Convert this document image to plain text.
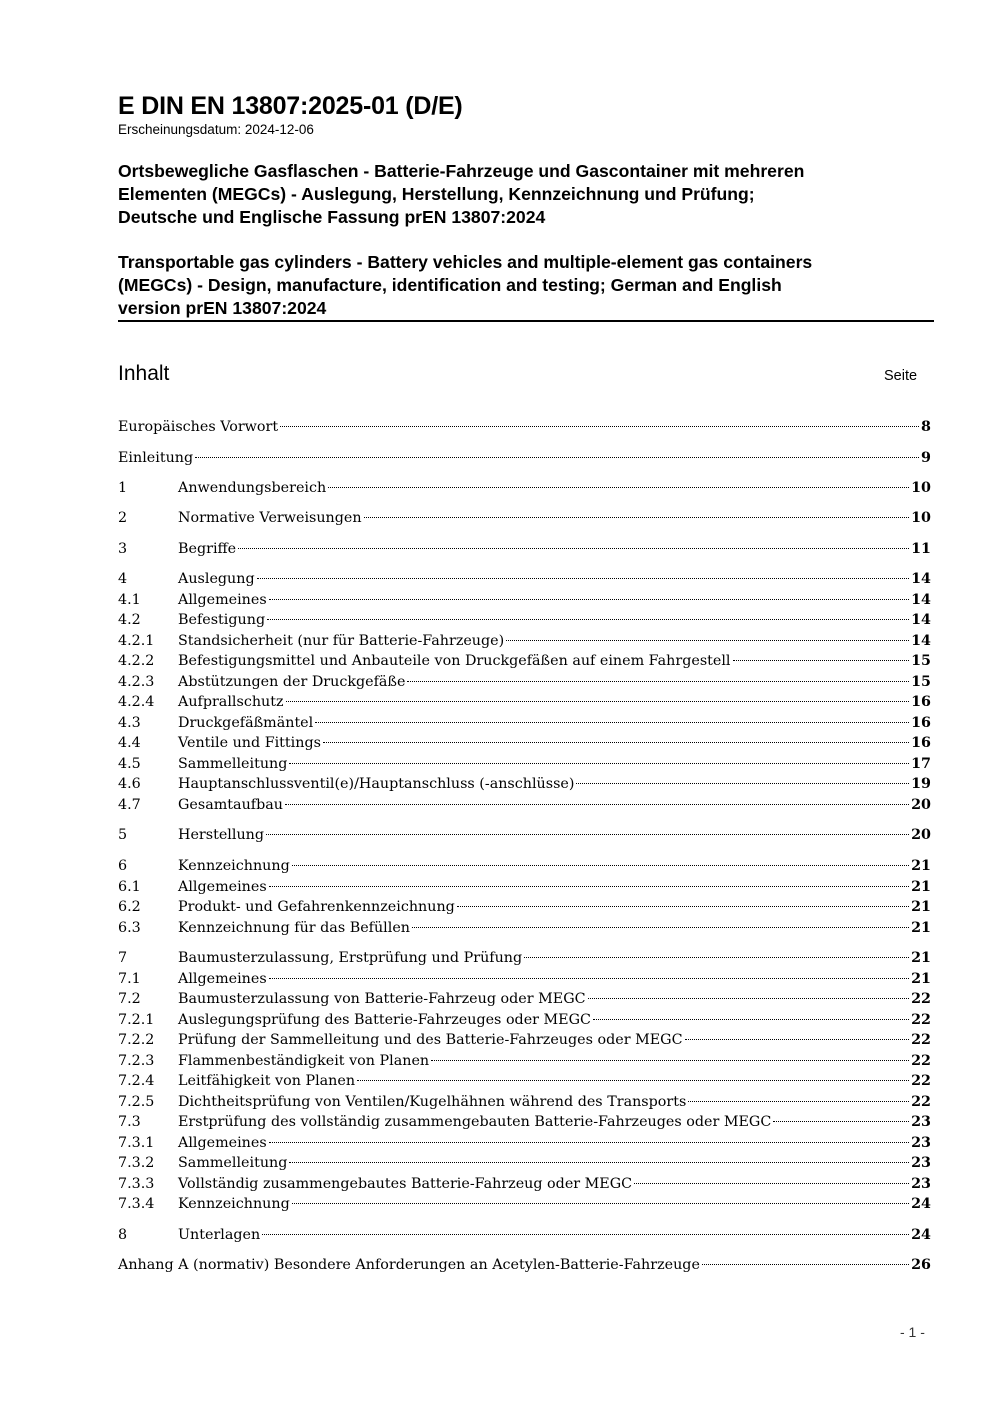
E DIN EN 13807:2025-01 (D/E)
Erscheinungsdatum: 2024-12-06
Ortsbewegliche Gasflaschen - Batterie-Fahrzeuge und Gascontainer mit mehreren
Elementen (MEGCs) - Auslegung, Herstellung, Kennzeichnung und Prüfung;
Deutsche und Englische Fassung prEN 13807:2024
Transportable gas cylinders - Battery vehicles and multiple-element gas containers
(MEGCs) - Design, manufacture, identification and testing; German and English
version prEN 13807:2024
Inhalt	Seite
Europäisches Vorwort	8
Einleitung	9
1	Anwendungsbereich	10
2	Normative Verweisungen	10
3	Begriffe	11
4	Auslegung	14
4.1	Allgemeines	14
4.2	Befestigung	14
4.2.1 Standsicherheit (nur für Batterie-Fahrzeuge)	14
4.2.2 Befestigungsmittel und Anbauteile von Druckgefäßen auf einem Fahrgestell	15
4.2.3 Abstützungen der Druckgefäße	15
4.2.4 Aufprallschutz	16
4.3	Druckgefäßmäntel	16
4.4	Ventile und Fittings	16
4.5	Sammelleitung	17
4.6	Hauptanschlussventil(e)/Hauptanschluss (-anschlüsse)	19
4.7	Gesamtaufbau	20
5	Herstellung	20
6	Kennzeichnung	21
6.1	Allgemeines	21
6.2	Produkt- und Gefahrenkennzeichnung	21
6.3	Kennzeichnung für das Befüllen	21
7	Baumusterzulassung, Erstprüfung und Prüfung	21
7.1	Allgemeines	21
7.2	Baumusterzulassung von Batterie-Fahrzeug oder MEGC	22
7.2.1 Auslegungsprüfung des Batterie-Fahrzeuges oder MEGC	22
7.2.2 Prüfung der Sammelleitung und des Batterie-Fahrzeuges oder MEGC	22
7.2.3 Flammenbeständigkeit von Planen	22
7.2.4 Leitfähigkeit von Planen	22
7.2.5 Dichtheitsprüfung von Ventilen/Kugelhähnen während des Transports	22
7.3	Erstprüfung des vollständig zusammengebauten Batterie-Fahrzeuges oder MEGC	23
7.3.1 Allgemeines	23
7.3.2 Sammelleitung	23
7.3.3 Vollständig zusammengebautes Batterie-Fahrzeug oder MEGC	23
7.3.4 Kennzeichnung	24
8	Unterlagen	24
Anhang A (normativ) Besondere Anforderungen an Acetylen-Batterie-Fahrzeuge	26
- 1 -
